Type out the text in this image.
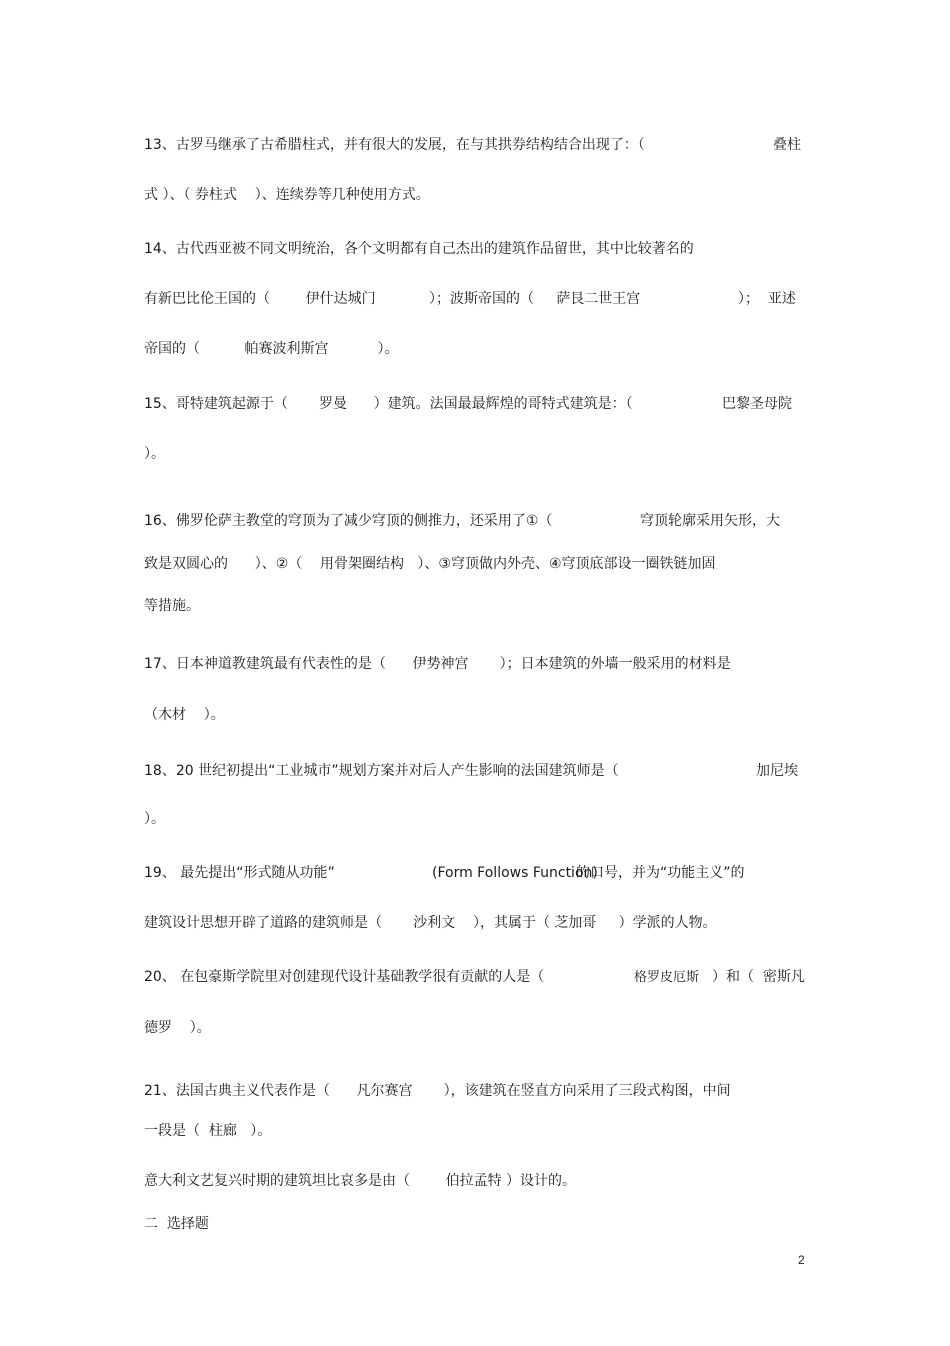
13、古罗马继承了古希腊柱式，并有很大的发展，在与其拱券结构结合出现了：（	叠柱
式 ）、（ 券柱式    ）、连续券等几种使用方式。
14、古代西亚被不同文明统治，各个文明都有自己杰出的建筑作品留世，其中比较著名的
有新巴比伦王国的（        伊什达城门            ）；波斯帝国的（     萨艮二世王宫	）；  亚述
帝国的（          帕赛波利斯宫           ）。
15、哥特建筑起源于（       罗曼      ）建筑。法国最最辉煌的哥特式建筑是：（	巴黎圣母院
）。
16、佛罗伦萨主教堂的穹顶为了减少穹顶的侧推力，还采用了①（	穹顶轮廓采用矢形，大
致是双圆心的      ）、②（    用骨架圈结构   ）、③穹顶做内外壳、④穹顶底部设一圈铁链加固
等措施。
17、日本神道教建筑最有代表性的是（      伊势神宫       ）；日本建筑的外墙一般采用的材料是
（木材    ）。
18、20 世纪初提出“工业城市”规划方案并对后人产生影响的法国建筑师是（	加尼埃
）。
19、 最先提出“形式随从功能”	(Form Follows Function)
的口号，并为“功能主义”的
建筑设计思想开辟了道路的建筑师是（       沙利文    ），其属于（ 芝加哥     ）学派的人物。
20、 在包豪斯学院里对创建现代设计基础教学很有贡献的人是（	格罗皮厄斯 ）和（  密斯凡
德罗    ）。
21、法国古典主义代表作是（      凡尔赛宫       ），该建筑在竖直方向采用了三段式构图，中间
一段是（  柱廊   ）。
意大利文艺复兴时期的建筑坦比哀多是由（        伯拉孟特 ）设计的。
二  选择题
2
